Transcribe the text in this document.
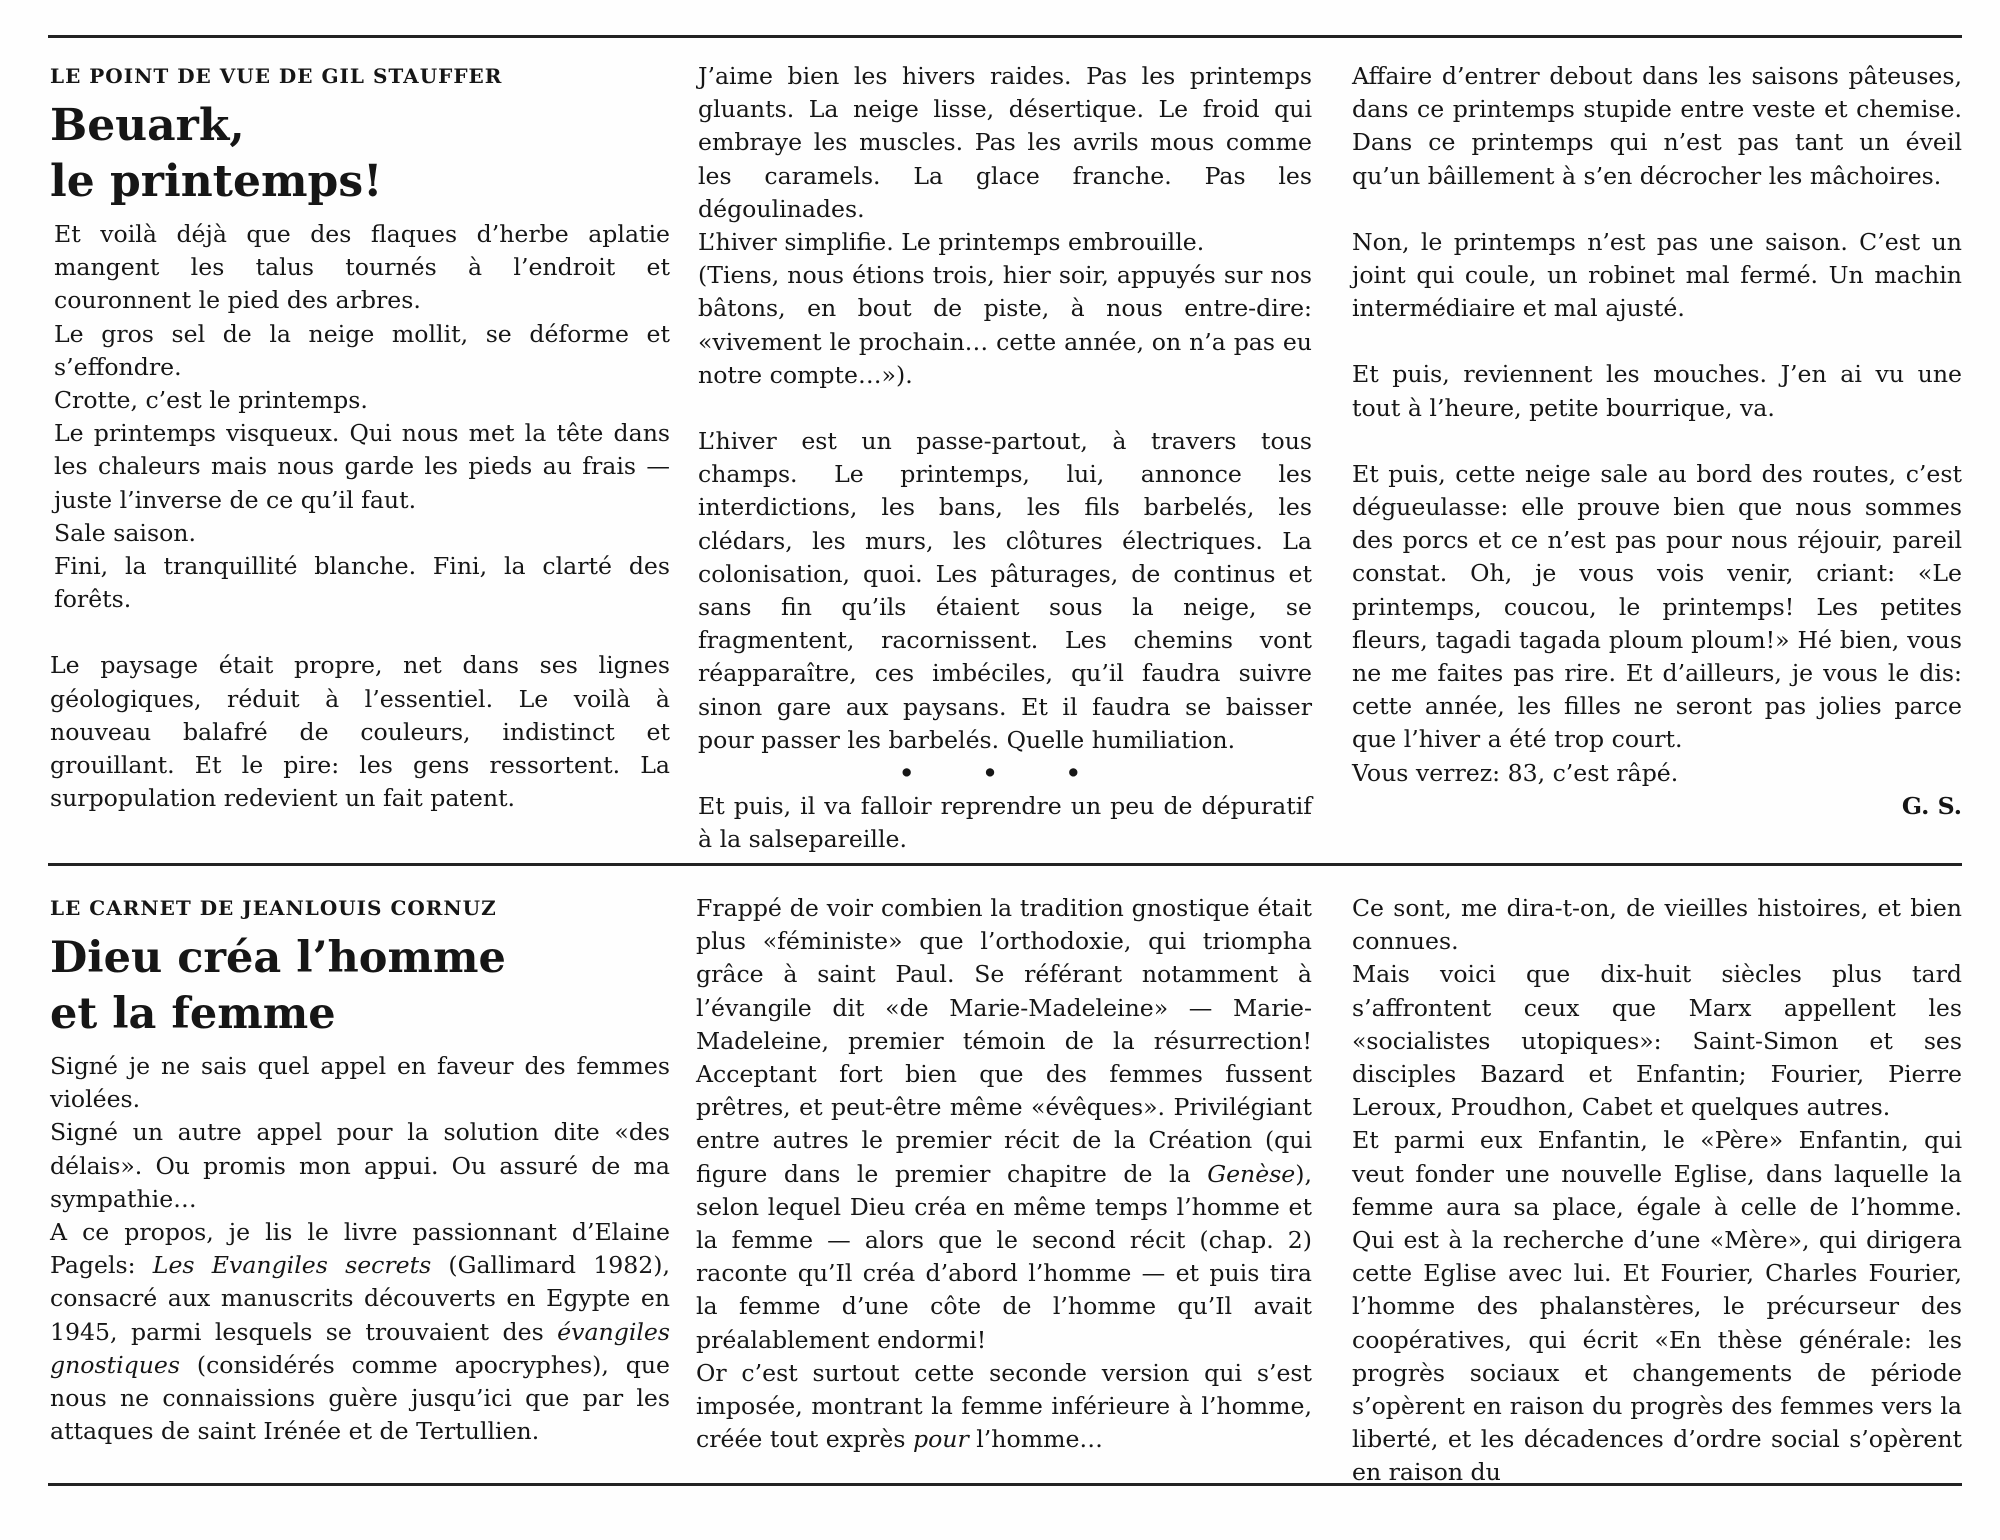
LE POINT DE VUE DE GIL STAUFFER

Beuark,

le printemps!

Et voilà déjà que des flaques d’herbe aplatie mangent les talus tournés à l’endroit et couronnent le pied des arbres.

Le gros sel de la neige mollit, se déforme et s’effondre.

Crotte, c’est le printemps.

Le printemps visqueux. Qui nous met la tête dans les chaleurs mais nous garde les pieds au frais — juste l’inverse de ce qu’il faut.

Sale saison.

Fini, la tranquillité blanche. Fini, la clarté des forêts.

Le paysage était propre, net dans ses lignes géologiques, réduit à l’essentiel. Le voilà à nouveau balafré de couleurs, indistinct et grouillant. Et le pire: les gens ressortent. La surpopulation redevient un fait patent.

J’aime bien les hivers raides. Pas les printemps gluants. La neige lisse, désertique. Le froid qui embraye les muscles. Pas les avrils mous comme les caramels. La glace franche. Pas les dégoulinades.

L’hiver simplifie. Le printemps embrouille.

(Tiens, nous étions trois, hier soir, appuyés sur nos bâtons, en bout de piste, à nous entre-dire: «vivement le prochain… cette année, on n’a pas eu notre compte…»).

L’hiver est un passe-partout, à travers tous champs. Le printemps, lui, annonce les interdictions, les bans, les fils barbelés, les clédars, les murs, les clôtures électriques. La colonisation, quoi. Les pâturages, de continus et sans fin qu’ils étaient sous la neige, se fragmentent, racornissent. Les chemins vont réapparaître, ces imbéciles, qu’il faudra suivre sinon gare aux paysans. Et il faudra se baisser pour passer les barbelés. Quelle humiliation.

• • •

Et puis, il va falloir reprendre un peu de dépuratif à la salsepareille.

Affaire d’entrer debout dans les saisons pâteuses, dans ce printemps stupide entre veste et chemise. Dans ce printemps qui n’est pas tant un éveil qu’un bâillement à s’en décrocher les mâchoires.

Non, le printemps n’est pas une saison. C’est un joint qui coule, un robinet mal fermé. Un machin intermédiaire et mal ajusté.

Et puis, reviennent les mouches. J’en ai vu une tout à l’heure, petite bourrique, va.

Et puis, cette neige sale au bord des routes, c’est dégueulasse: elle prouve bien que nous sommes des porcs et ce n’est pas pour nous réjouir, pareil constat. Oh, je vous vois venir, criant: «Le printemps, coucou, le printemps! Les petites fleurs, tagadi tagada ploum ploum!» Hé bien, vous ne me faites pas rire. Et d’ailleurs, je vous le dis: cette année, les filles ne seront pas jolies parce que l’hiver a été trop court.

Vous verrez: 83, c’est râpé.

G. S.

LE CARNET DE JEANLOUIS CORNUZ

Dieu créa l’homme

et la femme

Signé je ne sais quel appel en faveur des femmes violées.

Signé un autre appel pour la solution dite «des délais». Ou promis mon appui. Ou assuré de ma sympathie…

A ce propos, je lis le livre passionnant d’Elaine Pagels: Les Evangiles secrets (Gallimard 1982), consacré aux manuscrits découverts en Egypte en 1945, parmi lesquels se trouvaient des évangiles gnostiques (considérés comme apocryphes), que nous ne connaissions guère jusqu’ici que par les attaques de saint Irénée et de Tertullien.

Frappé de voir combien la tradition gnostique était plus «féministe» que l’orthodoxie, qui triompha grâce à saint Paul. Se référant notamment à l’évangile dit «de Marie-Madeleine» — Marie-Madeleine, premier témoin de la résurrection! Acceptant fort bien que des femmes fussent prêtres, et peut-être même «évêques». Privilégiant entre autres le premier récit de la Création (qui figure dans le premier chapitre de la Genèse), selon lequel Dieu créa en même temps l’homme et la femme — alors que le second récit (chap. 2) raconte qu’Il créa d’abord l’homme — et puis tira la femme d’une côte de l’homme qu’Il avait préalablement endormi!

Or c’est surtout cette seconde version qui s’est imposée, montrant la femme inférieure à l’homme, créée tout exprès pour l’homme…

Ce sont, me dira-t-on, de vieilles histoires, et bien connues.

Mais voici que dix-huit siècles plus tard s’affrontent ceux que Marx appellent les «socialistes utopiques»: Saint-Simon et ses disciples Bazard et Enfantin; Fourier, Pierre Leroux, Proudhon, Cabet et quelques autres.

Et parmi eux Enfantin, le «Père» Enfantin, qui veut fonder une nouvelle Eglise, dans laquelle la femme aura sa place, égale à celle de l’homme. Qui est à la recherche d’une «Mère», qui dirigera cette Eglise avec lui. Et Fourier, Charles Fourier, l’homme des phalanstères, le précurseur des coopératives, qui écrit «En thèse générale: les progrès sociaux et changements de période s’opèrent en raison du progrès des femmes vers la liberté, et les décadences d’ordre social s’opèrent en raison du
